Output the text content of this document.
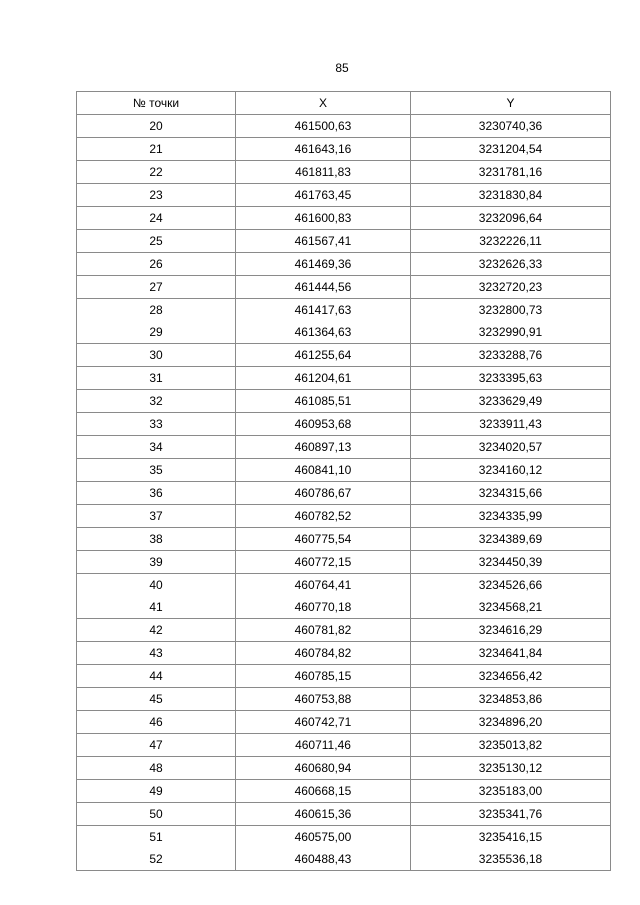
85
№ точки	X	Y
20	461500,63	3230740,36
21	461643,16	3231204,54
22	461811,83	3231781,16
23	461763,45	3231830,84
24	461600,83	3232096,64
25	461567,41	3232226,11
26	461469,36	3232626,33
27	461444,56	3232720,23
28	461417,63	3232800,73
29	461364,63	3232990,91
30	461255,64	3233288,76
31	461204,61	3233395,63
32	461085,51	3233629,49
33	460953,68	3233911,43
34	460897,13	3234020,57
35	460841,10	3234160,12
36	460786,67	3234315,66
37	460782,52	3234335,99
38	460775,54	3234389,69
39	460772,15	3234450,39
40	460764,41	3234526,66
41	460770,18	3234568,21
42	460781,82	3234616,29
43	460784,82	3234641,84
44	460785,15	3234656,42
45	460753,88	3234853,86
46	460742,71	3234896,20
47	460711,46	3235013,82
48	460680,94	3235130,12
49	460668,15	3235183,00
50	460615,36	3235341,76
51	460575,00	3235416,15
52	460488,43	3235536,18
